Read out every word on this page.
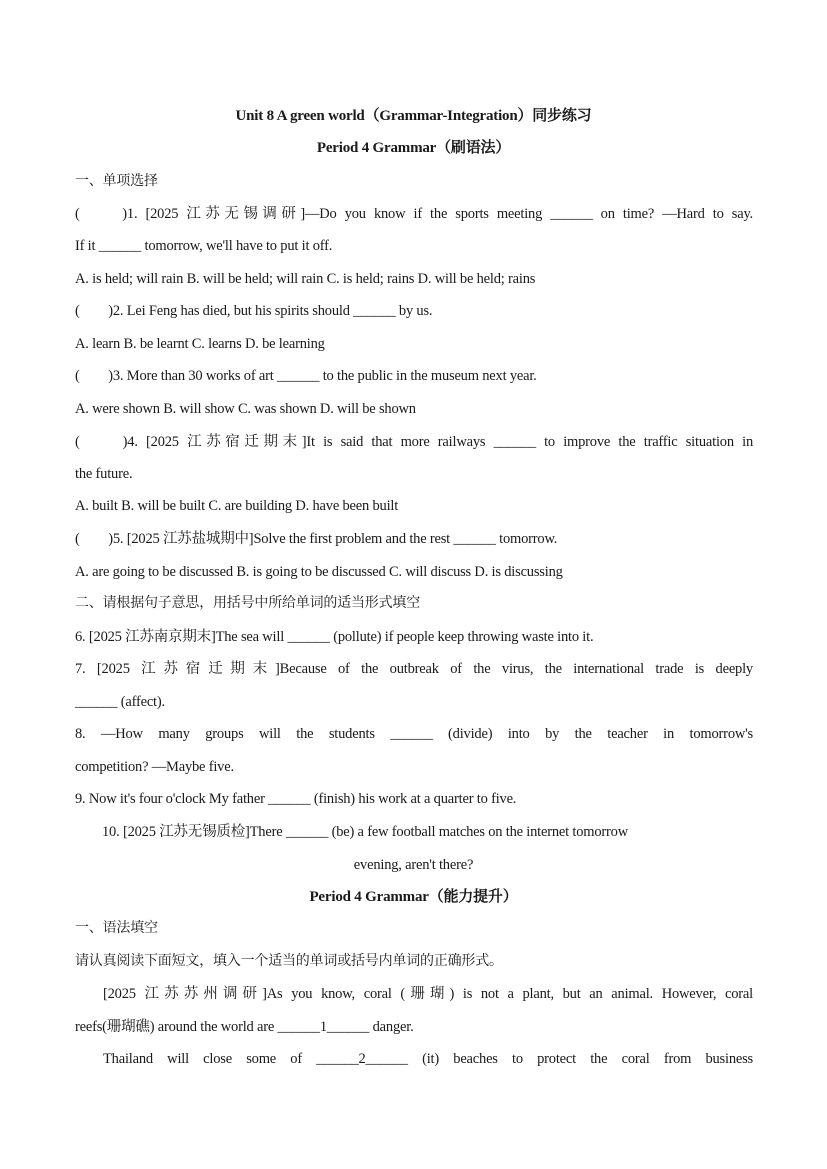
Unit 8 A green world（Grammar-Integration）同步练习
Period 4 Grammar（刷语法）
一、单项选择
(　　)1. [2025 江苏无锡调研]—Do you know if the sports meeting ______ on time? —Hard to say.
If it ______ tomorrow, we'll have to put it off.
A. is held; will rain B. will be held; will rain C. is held; rains D. will be held; rains
(　　)2. Lei Feng has died, but his spirits should ______ by us.
A. learn B. be learnt C. learns D. be learning
(　　)3. More than 30 works of art ______ to the public in the museum next year.
A. were shown B. will show C. was shown D. will be shown
(　　)4. [2025 江苏宿迁期末]It is said that more railways ______ to improve the traffic situation in
the future.
A. built B. will be built C. are building D. have been built
(　　)5. [2025 江苏盐城期中]Solve the first problem and the rest ______ tomorrow.
A. are going to be discussed B. is going to be discussed C. will discuss D. is discussing
二、请根据句子意思，用括号中所给单词的适当形式填空
6. [2025 江苏南京期末]The sea will ______ (pollute) if people keep throwing waste into it.
7. [2025 江苏宿迁期末]Because of the outbreak of the virus, the international trade is deeply
______ (affect).
8. —How many groups will the students ______ (divide) into by the teacher in tomorrow's
competition? —Maybe five.
9. Now it's four o'clock My father ______ (finish) his work at a quarter to five.
10. [2025 江苏无锡质检]There ______ (be) a few football matches on the internet tomorrow
evening, aren't there?
Period 4 Grammar（能力提升）
一、语法填空
请认真阅读下面短文，填入一个适当的单词或括号内单词的正确形式。
[2025 江苏苏州调研]As you know, coral (珊瑚) is not a plant, but an animal. However, coral
reefs(珊瑚礁) around the world are ______1______ danger.
Thailand will close some of ______2______ (it) beaches to protect the coral from business
